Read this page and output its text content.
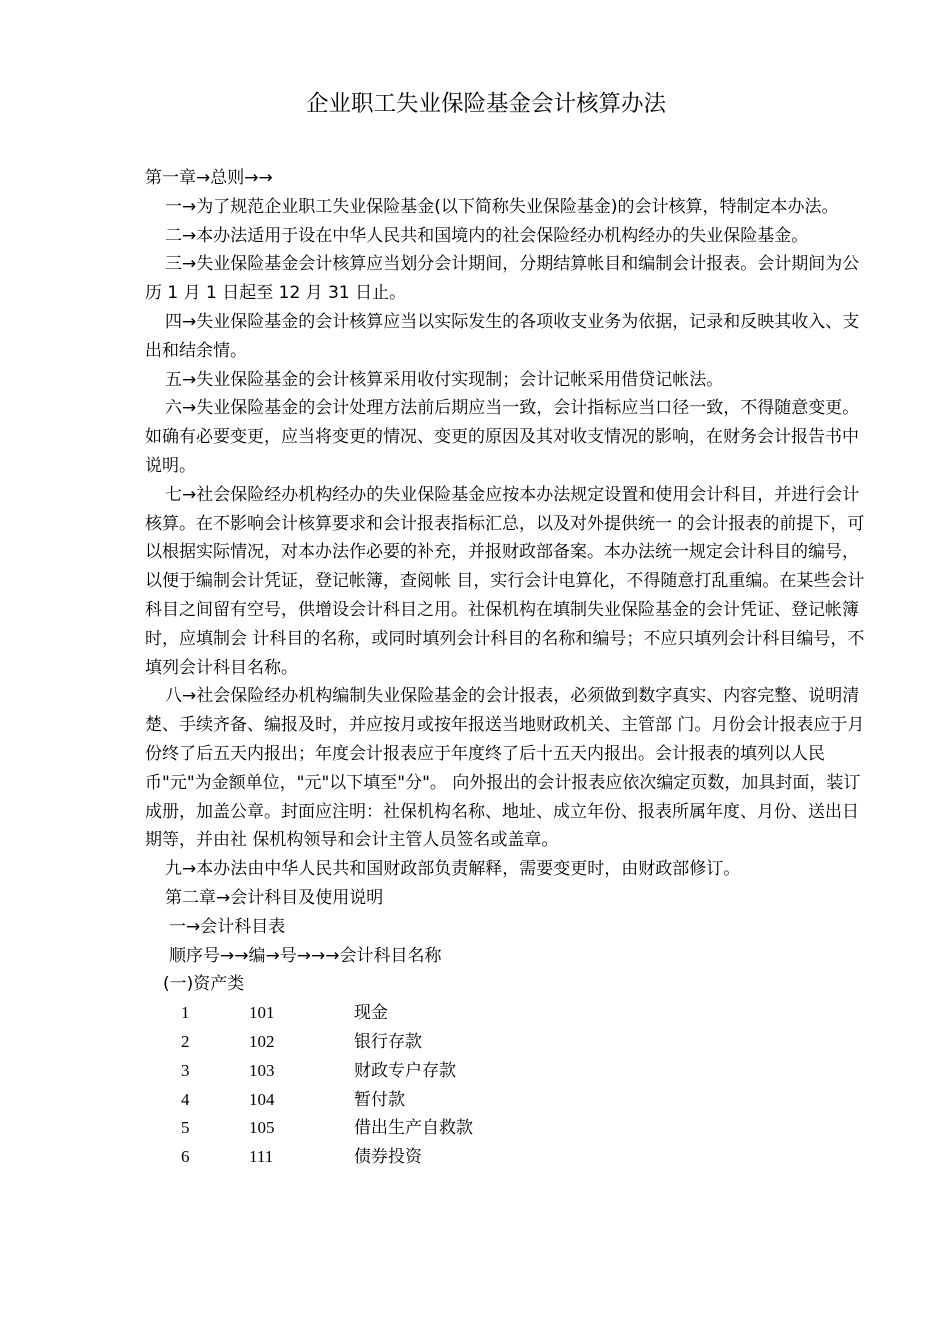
企业职工失业保险基金会计核算办法

第一章→总则→→

一→为了规范企业职工失业保险基金(以下简称失业保险基金)的会计核算，特制定本办法。

二→本办法适用于设在中华人民共和国境内的社会保险经办机构经办的失业保险基金。

三→失业保险基金会计核算应当划分会计期间，分期结算帐目和编制会计报表。会计期间为公历 1 月 1 日起至 12 月 31 日止。

四→失业保险基金的会计核算应当以实际发生的各项收支业务为依据，记录和反映其收入、支出和结余情。

五→失业保险基金的会计核算采用收付实现制；会计记帐采用借贷记帐法。

六→失业保险基金的会计处理方法前后期应当一致，会计指标应当口径一致，不得随意变更。如确有必要变更，应当将变更的情况、变更的原因及其对收支情况的影响，在财务会计报告书中说明。

七→社会保险经办机构经办的失业保险基金应按本办法规定设置和使用会计科目，并进行会计核算。在不影响会计核算要求和会计报表指标汇总，以及对外提供统一 的会计报表的前提下，可以根据实际情况，对本办法作必要的补充，并报财政部备案。本办法统一规定会计科目的编号，以便于编制会计凭证，登记帐簿，查阅帐 目，实行会计电算化，不得随意打乱重编。在某些会计科目之间留有空号，供增设会计科目之用。社保机构在填制失业保险基金的会计凭证、登记帐簿时，应填制会 计科目的名称，或同时填列会计科目的名称和编号；不应只填列会计科目编号，不填列会计科目名称。

八→社会保险经办机构编制失业保险基金的会计报表，必须做到数字真实、内容完整、说明清楚、手续齐备、编报及时，并应按月或按年报送当地财政机关、主管部 门。月份会计报表应于月份终了后五天内报出；年度会计报表应于年度终了后十五天内报出。会计报表的填列以人民币"元"为金额单位，"元"以下填至"分"。 向外报出的会计报表应依次编定页数，加具封面，装订成册，加盖公章。封面应注明：社保机构名称、地址、成立年份、报表所属年度、月份、送出日期等，并由社 保机构领导和会计主管人员签名或盖章。

九→本办法由中华人民共和国财政部负责解释，需要变更时，由财政部修订。

第二章→会计科目及使用说明

一→会计科目表

顺序号→→编→号→→→会计科目名称

(一)资产类

1	101	现金
2	102	银行存款
3	103	财政专户存款
4	104	暂付款
5	105	借出生产自救款
6	111	债券投资
